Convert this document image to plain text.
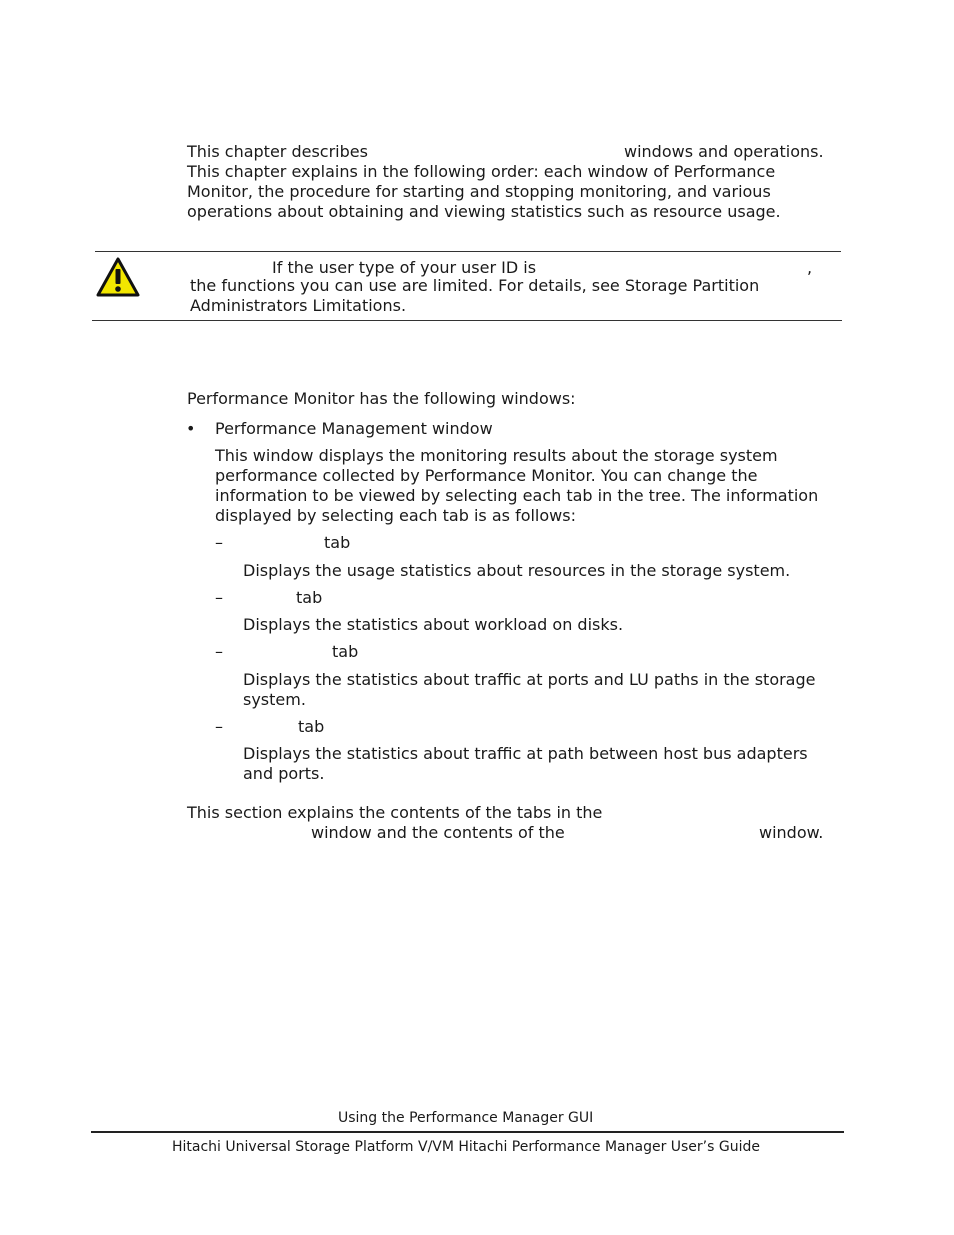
This chapter describes	windows and operations.
This chapter explains in the following order: each window of Performance
Monitor, the procedure for starting and stopping monitoring, and various
operations about obtaining and viewing statistics such as resource usage.
If the user type of your user ID is	,
the functions you can use are limited. For details, see Storage Partition
Administrators Limitations.
Performance Monitor has the following windows:
• Performance Management window
This window displays the monitoring results about the storage system
performance collected by Performance Monitor. You can change the
information to be viewed by selecting each tab in the tree. The information
displayed by selecting each tab is as follows:
–	tab
Displays the usage statistics about resources in the storage system.
–	tab
Displays the statistics about workload on disks.
–	tab
Displays the statistics about traffic at ports and LU paths in the storage
system.
–	tab
Displays the statistics about traffic at path between host bus adapters
and ports.
This section explains the contents of the tabs in the
window and the contents of the	window.
Using the Performance Manager GUI
Hitachi Universal Storage Platform V/VM Hitachi Performance Manager User’s Guide
